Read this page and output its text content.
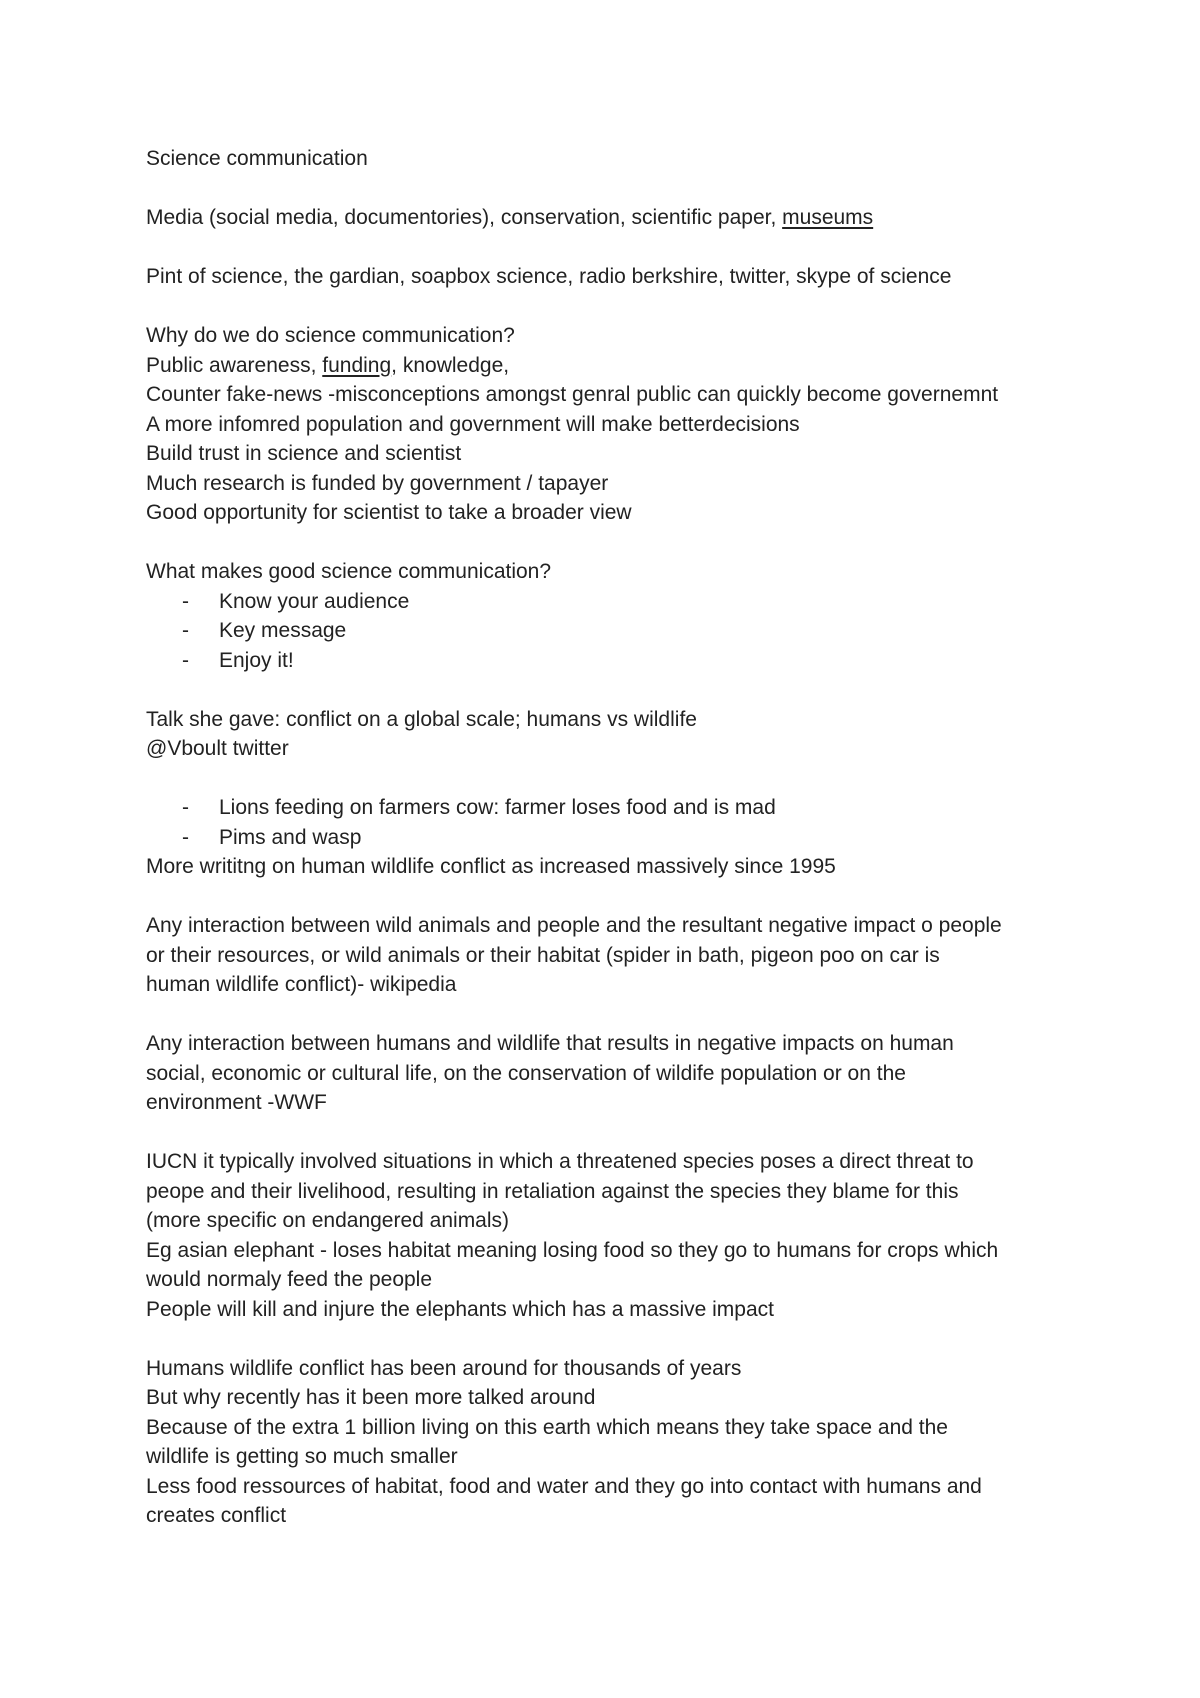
Science communication

Media (social media, documentories), conservation, scientific paper, museums

Pint of science, the gardian, soapbox science, radio berkshire, twitter, skype of science

Why do we do science communication?

Public awareness, funding, knowledge,

Counter fake-news -misconceptions amongst genral public can quickly become governemnt

A more infomred population and government will make betterdecisions

Build trust in science and scientist

Much research is funded by government / tapayer

Good opportunity for scientist to take a broader view

What makes good science communication?

-	Know your audience
-	Key message
-	Enjoy it!

Talk she gave: conflict on a global scale; humans vs wildlife

@Vboult twitter

-	Lions feeding on farmers cow: farmer loses food and is mad
-	Pims and wasp

More writitng on human wildlife conflict as increased massively since 1995

Any interaction between wild animals and people and the resultant negative impact o people

or their resources, or wild animals or their habitat (spider in bath, pigeon poo on car is

human wildlife conflict)- wikipedia

Any interaction between humans and wildlife that results in negative impacts on human

social, economic or cultural life, on the conservation of wildife population or on the

environment -WWF

IUCN it typically involved situations in which a threatened species poses a direct threat to

peope and their livelihood, resulting in retaliation against the species they blame for this

(more specific on endangered animals)

Eg asian elephant - loses habitat meaning losing food so they go to humans for crops which

would normaly feed the people

People will kill and injure the elephants which has a massive impact

Humans wildlife conflict has been around for thousands of years

But why recently has it been more talked around

Because of the extra 1 billion living on this earth which means they take space and the

wildlife is getting so much smaller

Less food ressources of habitat, food and water and they go into contact with humans and

creates conflict
